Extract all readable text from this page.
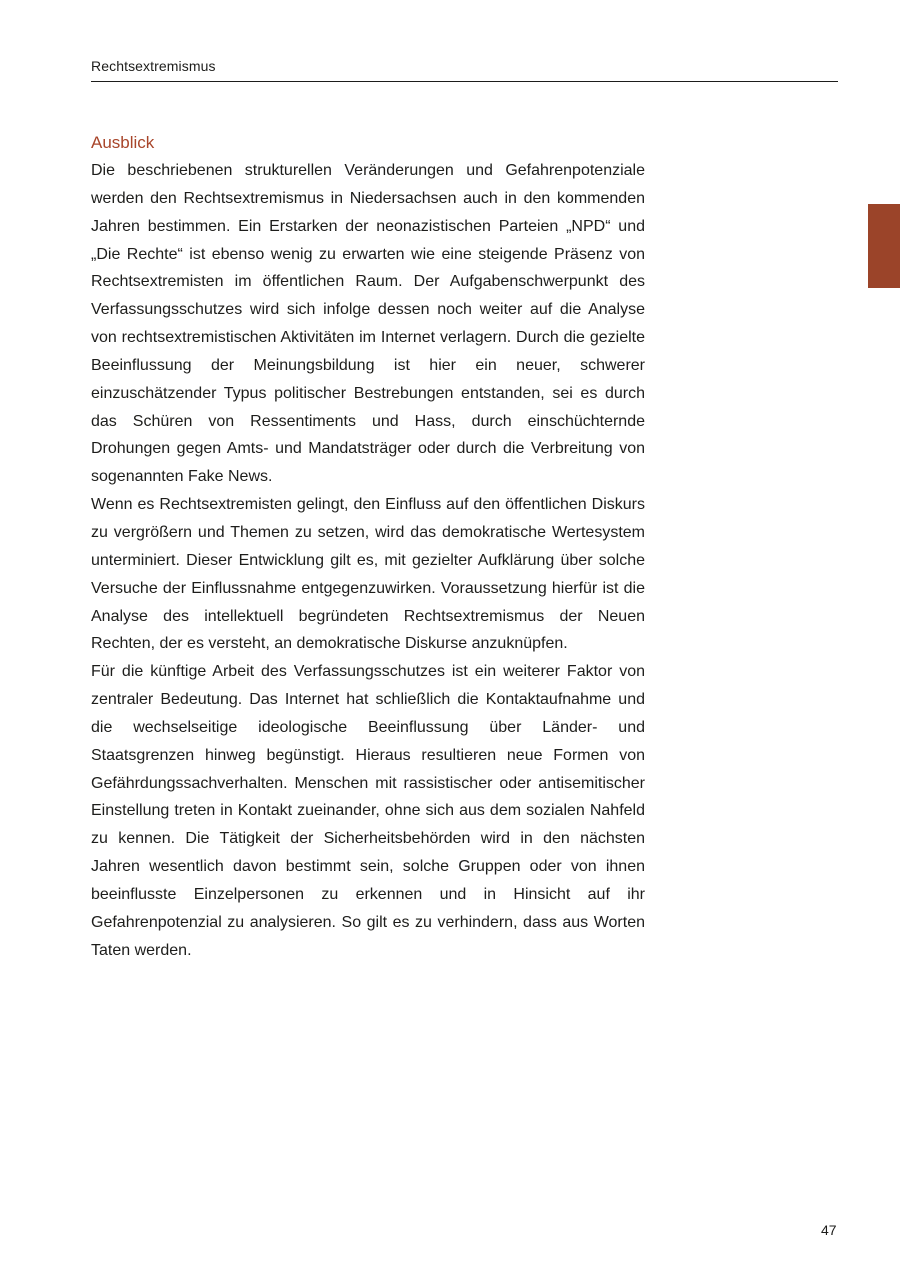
Rechtsextremismus
Ausblick

Die beschriebenen strukturellen Veränderungen und Gefahrenpotenziale werden den Rechtsextremismus in Niedersachsen auch in den kommenden Jahren bestimmen. Ein Erstarken der neonazistischen Parteien „NPD“ und „Die Rechte“ ist ebenso wenig zu erwarten wie eine steigende Präsenz von Rechtsextremisten im öffentlichen Raum. Der Aufgabenschwerpunkt des Verfassungsschutzes wird sich infolge dessen noch weiter auf die Analyse von rechtsextremistischen Aktivitäten im Internet verlagern. Durch die gezielte Beeinflussung der Meinungsbildung ist hier ein neuer, schwerer einzuschätzender Typus politischer Bestrebungen entstanden, sei es durch das Schüren von Ressentiments und Hass, durch einschüchternde Drohungen gegen Amts- und Mandatsträger oder durch die Verbreitung von sogenannten Fake News.

Wenn es Rechtsextremisten gelingt, den Einfluss auf den öffentlichen Diskurs zu vergrößern und Themen zu setzen, wird das demokratische Wertesystem unterminiert. Dieser Entwicklung gilt es, mit gezielter Aufklärung über solche Versuche der Einflussnahme entgegenzuwirken. Voraussetzung hierfür ist die Analyse des intellektuell begründeten Rechtsextremismus der Neuen Rechten, der es versteht, an demokratische Diskurse anzuknüpfen.

Für die künftige Arbeit des Verfassungsschutzes ist ein weiterer Faktor von zentraler Bedeutung. Das Internet hat schließlich die Kontaktaufnahme und die wechselseitige ideologische Beeinflussung über Länder- und Staatsgrenzen hinweg begünstigt. Hieraus resultieren neue Formen von Gefährdungssachverhalten. Menschen mit rassistischer oder antisemitischer Einstellung treten in Kontakt zueinander, ohne sich aus dem sozialen Nahfeld zu kennen. Die Tätigkeit der Sicherheitsbehörden wird in den nächsten Jahren wesentlich davon bestimmt sein, solche Gruppen oder von ihnen beeinflusste Einzelpersonen zu erkennen und in Hinsicht auf ihr Gefahrenpotenzial zu analysieren. So gilt es zu verhindern, dass aus Worten Taten werden.

47
